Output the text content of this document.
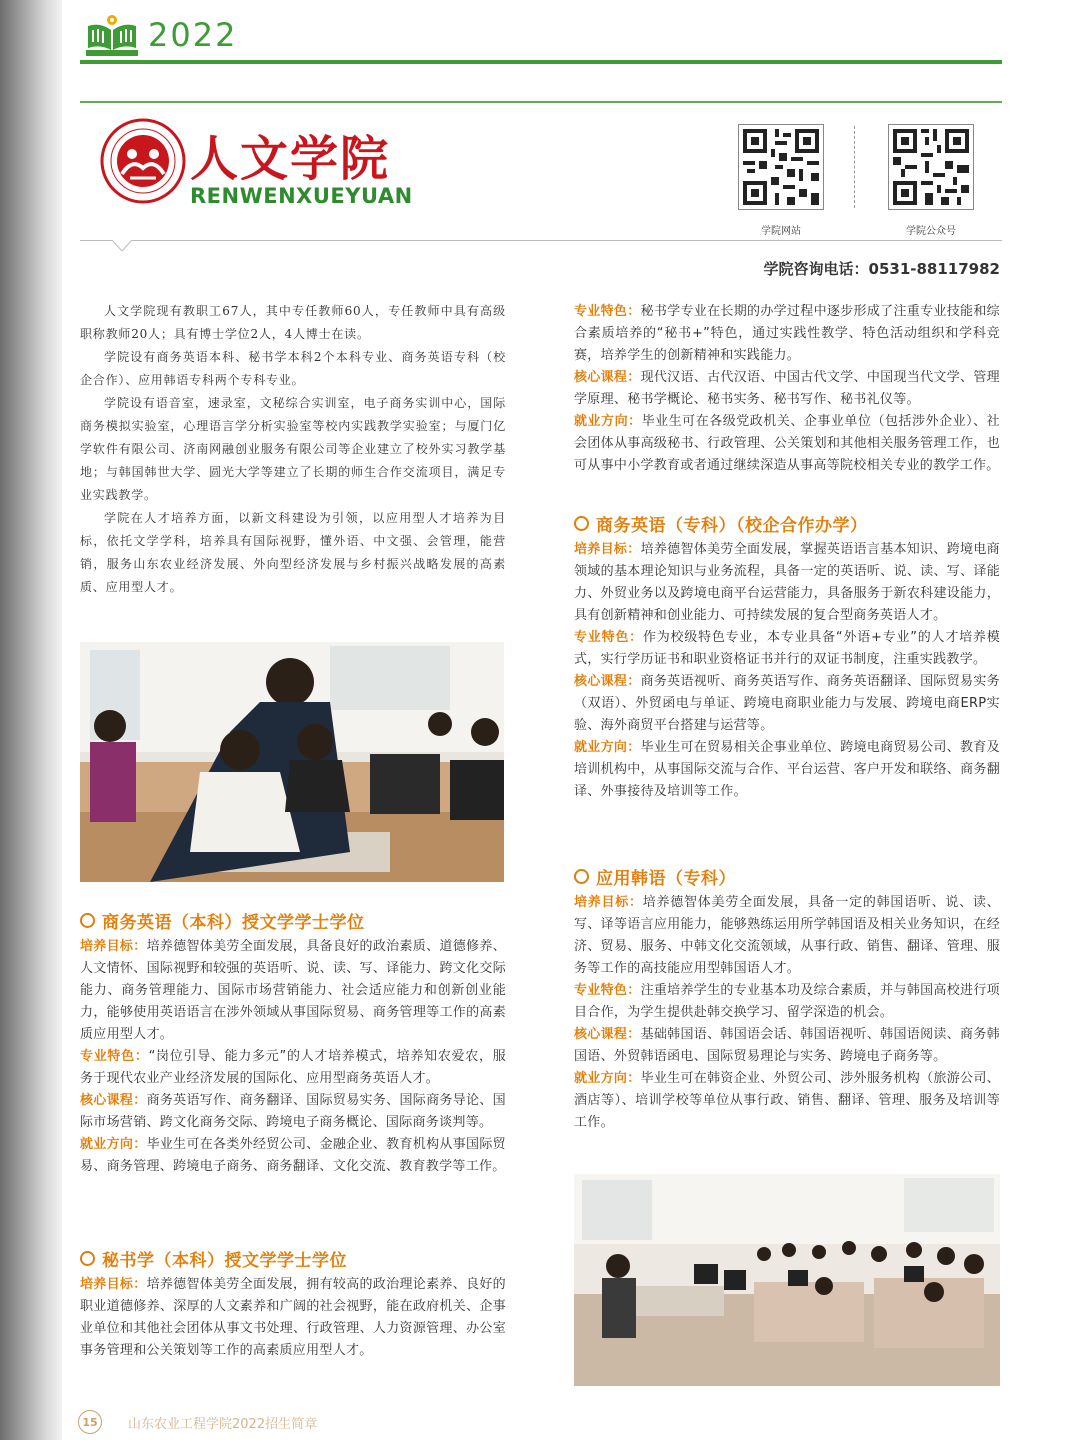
2022
人文学院
RENWENXUEYUAN
学院网站	学院公众号
学院咨询电话：0531-88117982

人文学院现有教职工67人，其中专任教师60人，专任教师中具有高级职称教师20人；具有博士学位2人，4人博士在读。

学院设有商务英语本科、秘书学本科2个本科专业、商务英语专科（校企合作）、应用韩语专科两个专科专业。

学院设有语音室，速录室，文秘综合实训室，电子商务实训中心，国际商务模拟实验室，心理语言学分析实验室等校内实践教学实验室；与厦门亿学软件有限公司、济南网融创业服务有限公司等企业建立了校外实习教学基地；与韩国韩世大学、圆光大学等建立了长期的师生合作交流项目，满足专业实践教学。

学院在人才培养方面，以新文科建设为引领，以应用型人才培养为目标，依托文学学科，培养具有国际视野，懂外语、中文强、会管理，能营销，服务山东农业经济发展、外向型经济发展与乡村振兴战略发展的高素质、应用型人才。

商务英语（本科）授文学学士学位

培养目标：培养德智体美劳全面发展，具备良好的政治素质、道德修养、人文情怀、国际视野和较强的英语听、说、读、写、译能力、跨文化交际能力、商务管理能力、国际市场营销能力、社会适应能力和创新创业能力，能够使用英语语言在涉外领域从事国际贸易、商务管理等工作的高素质应用型人才。

专业特色：“岗位引导、能力多元”的人才培养模式，培养知农爱农，服务于现代农业产业经济发展的国际化、应用型商务英语人才。

核心课程：商务英语写作、商务翻译、国际贸易实务、国际商务导论、国际市场营销、跨文化商务交际、跨境电子商务概论、国际商务谈判等。

就业方向：毕业生可在各类外经贸公司、金融企业、教育机构从事国际贸易、商务管理、跨境电子商务、商务翻译、文化交流、教育教学等工作。

秘书学（本科）授文学学士学位

培养目标：培养德智体美劳全面发展，拥有较高的政治理论素养、良好的职业道德修养、深厚的人文素养和广阔的社会视野，能在政府机关、企事业单位和其他社会团体从事文书处理、行政管理、人力资源管理、办公室事务管理和公关策划等工作的高素质应用型人才。

专业特色：秘书学专业在长期的办学过程中逐步形成了注重专业技能和综合素质培养的“秘书+”特色，通过实践性教学、特色活动组织和学科竞赛，培养学生的创新精神和实践能力。

核心课程：现代汉语、古代汉语、中国古代文学、中国现当代文学、管理学原理、秘书学概论、秘书实务、秘书写作、秘书礼仪等。

就业方向：毕业生可在各级党政机关、企事业单位（包括涉外企业）、社会团体从事高级秘书、行政管理、公关策划和其他相关服务管理工作，也可从事中小学教育或者通过继续深造从事高等院校相关专业的教学工作。

商务英语（专科）（校企合作办学）

培养目标：培养德智体美劳全面发展，掌握英语语言基本知识、跨境电商领域的基本理论知识与业务流程，具备一定的英语听、说、读、写、译能力、外贸业务以及跨境电商平台运营能力，具备服务于新农科建设能力，具有创新精神和创业能力、可持续发展的复合型商务英语人才。

专业特色：作为校级特色专业，本专业具备“外语+专业”的人才培养模式，实行学历证书和职业资格证书并行的双证书制度，注重实践教学。

核心课程：商务英语视听、商务英语写作、商务英语翻译、国际贸易实务（双语）、外贸函电与单证、跨境电商职业能力与发展、跨境电商ERP实验、海外商贸平台搭建与运营等。

就业方向：毕业生可在贸易相关企事业单位、跨境电商贸易公司、教育及培训机构中，从事国际交流与合作、平台运营、客户开发和联络、商务翻译、外事接待及培训等工作。

应用韩语（专科）

培养目标：培养德智体美劳全面发展，具备一定的韩国语听、说、读、写、译等语言应用能力，能够熟练运用所学韩国语及相关业务知识，在经济、贸易、服务、中韩文化交流领域，从事行政、销售、翻译、管理、服务等工作的高技能应用型韩国语人才。

专业特色：注重培养学生的专业基本功及综合素质，并与韩国高校进行项目合作，为学生提供赴韩交换学习、留学深造的机会。

核心课程：基础韩国语、韩国语会话、韩国语视听、韩国语阅读、商务韩国语、外贸韩语函电、国际贸易理论与实务、跨境电子商务等。

就业方向：毕业生可在韩资企业、外贸公司、涉外服务机构（旅游公司、酒店等）、培训学校等单位从事行政、销售、翻译、管理、服务及培训等工作。

15	山东农业工程学院2022招生简章
